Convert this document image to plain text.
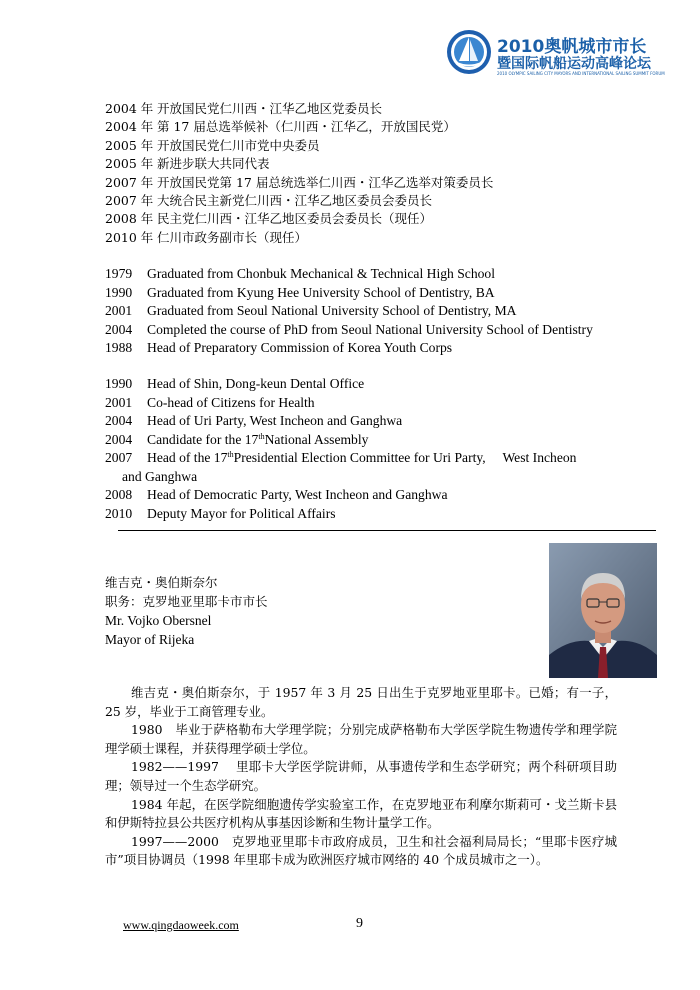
2010奥帆城市市长
暨国际帆船运动高峰论坛
2010 OLYMPIC SAILING CITY MAYORS AND INTERNATIONAL SAILING SUMMIT FORUM
2004 年 开放国民党仁川西・江华乙地区党委员长
2004 年 第 17 届总选举候补（仁川西・江华乙，开放国民党）
2005 年 开放国民党仁川市党中央委员
2005 年 新进步联大共同代表
2007 年 开放国民党第 17 届总统选举仁川西・江华乙选举对策委员长
2007 年 大统合民主新党仁川西・江华乙地区委员会委员长
2008 年 民主党仁川西・江华乙地区委员会委员长（现任）
2010 年 仁川市政务副市长（现任）
1979	Graduated from Chonbuk Mechanical & Technical High School
1990	Graduated from Kyung Hee University School of Dentistry, BA
2001	Graduated from Seoul National University School of Dentistry, MA
2004	Completed the course of PhD from Seoul National University School of Dentistry
1988	Head of Preparatory Commission of Korea Youth Corps
1990	Head of Shin, Dong-keun Dental Office
2001	Co-head of Citizens for Health
2004	Head of Uri Party, West Incheon and Ganghwa
2004	Candidate for the 17thNational Assembly
2007	Head of the 17thPresidential Election Committee for Uri Party,     West Incheon
and Ganghwa
2008	Head of Democratic Party, West Incheon and Ganghwa
2010	Deputy Mayor for Political Affairs
维吉克・奥伯斯奈尔
职务：克罗地亚里耶卡市市长
Mr. Vojko Obersnel
Mayor of Rijeka

维吉克・奥伯斯奈尔，于 1957 年 3 月 25 日出生于克罗地亚里耶卡。已婚；有一子，25 岁，毕业于工商管理专业。

1980　毕业于萨格勒布大学理学院；分别完成萨格勒布大学医学院生物遗传学和理学院理学硕士课程，并获得理学硕士学位。

1982——1997　 里耶卡大学医学院讲师，从事遗传学和生态学研究；两个科研项目助理；领导过一个生态学研究。

1984 年起，在医学院细胞遗传学实验室工作，在克罗地亚布利摩尔斯莉可・戈兰斯卡县和伊斯特拉县公共医疗机构从事基因诊断和生物计量学工作。

1997——2000　克罗地亚里耶卡市政府成员，卫生和社会福利局局长；“里耶卡医疗城市”项目协调员（1998 年里耶卡成为欧洲医疗城市网络的 40 个成员城市之一）。

www.qingdaoweek.com	9
